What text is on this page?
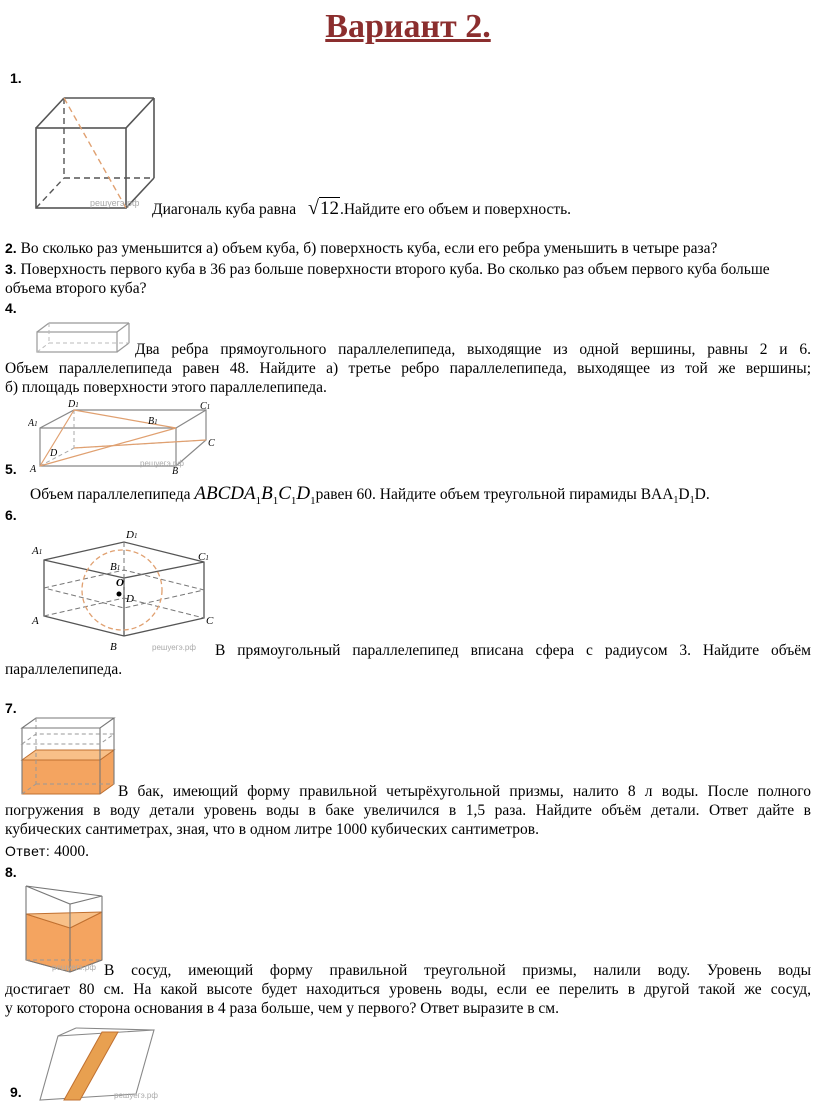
Вариант 2.
1.
решуегэ.рф Диагональ куба равна √12.Найдите его объем и поверхность.
2. Во сколько раз уменьшится а) объем куба, б) поверхность куба, если его ребра уменьшить в четыре раза?
3. Поверхность первого куба в 36 раз больше поверхности второго куба. Во сколько раз объем первого куба больше объема второго куба?
4.
Два ребра прямоугольного параллелепипеда, выходящие из одной вершины, равны 2 и 6.
Объем параллелепипеда равен 48. Найдите а) третье ребро параллелепипеда, выходящее из той же вершины;
б) площадь поверхности этого параллелепипеда.
A1
D1
B1
C1
A
D
B
C
решуегэ.рф
5.
Объем параллелепипеда $ABCDA_1B_1C_1D_1равен$ 60. Найдите объем треугольной пирамиды $BAA_1D_1D$.
6.
A1
D1
C1
B1
O
D
A	C
B	решуегэ.рф В прямоугольный параллелепипед вписана сфера с радиусом 3. Найдите объём
параллелепипеда.
7.
В бак, имеющий форму правильной четырёхугольной призмы, налито 8 л воды. После полного
погружения в воду детали уровень воды в баке увеличился в 1,5 раза. Найдите объём детали. Ответ дайте в
кубических сантиметрах, зная, что в одном литре 1000 кубических сантиметров.
Ответ: 4000.
8.
решуегэ.рф В сосуд, имеющий форму правильной треугольной призмы, налили воду. Уровень воды
достигает 80 см. На какой высоте будет находиться уровень воды, если ее перелить в другой такой же сосуд,
у которого сторона основания в 4 раза больше, чем у первого? Ответ выразите в см.
решуегэ.рф
9.
